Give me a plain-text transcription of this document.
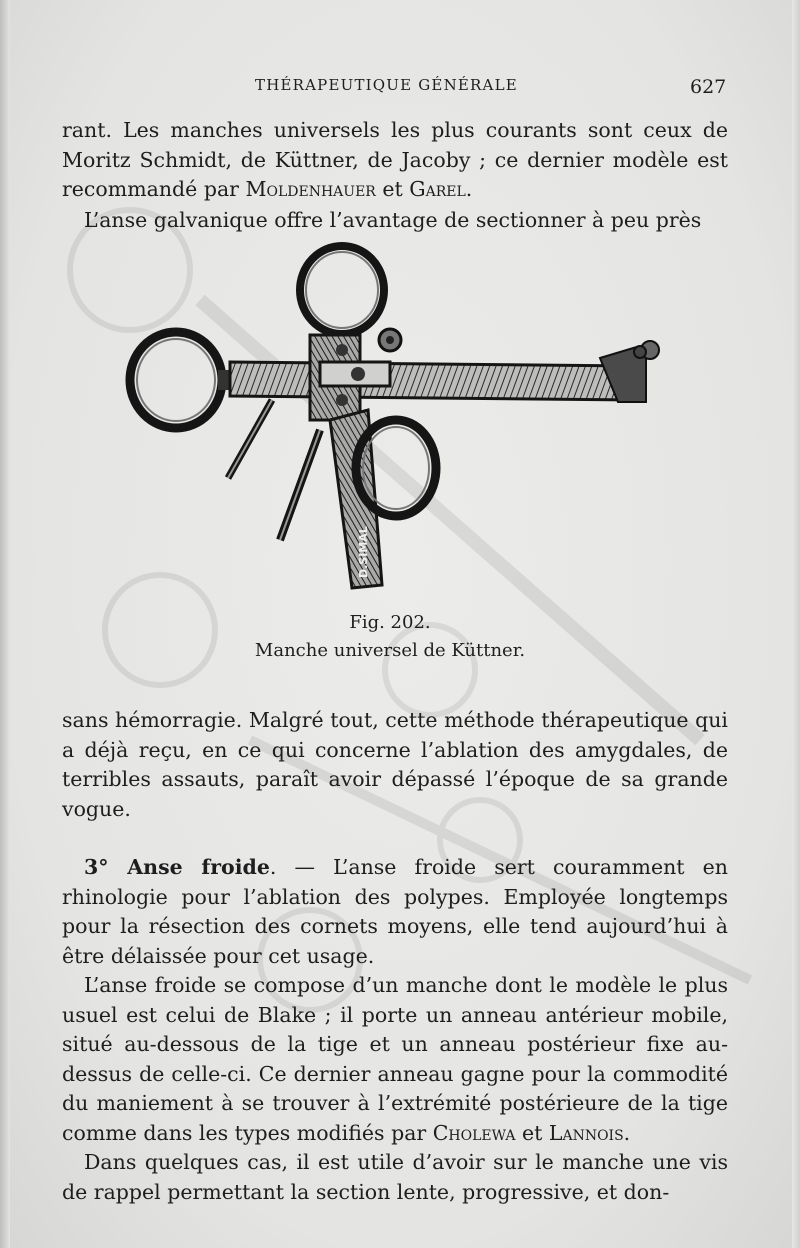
THÉRAPEUTIQUE GÉNÉRALE	627

rant. Les manches universels les plus courants sont ceux de Moritz Schmidt, de Küttner, de Jacoby ; ce dernier modèle est recommandé par Moldenhauer et Garel.

L’anse galvanique offre l’avantage de sectionner à peu près

D.SIMAL
Fig. 202.
Manche universel de Küttner.

sans hémorragie. Malgré tout, cette méthode thérapeutique qui a déjà reçu, en ce qui concerne l’ablation des amygdales, de terribles assauts, paraît avoir dépassé l’époque de sa grande vogue.

3° Anse froide. — L’anse froide sert couramment en rhinologie pour l’ablation des polypes. Employée longtemps pour la résection des cornets moyens, elle tend aujourd’hui à être délaissée pour cet usage.

L’anse froide se compose d’un manche dont le modèle le plus usuel est celui de Blake ; il porte un anneau antérieur mobile, situé au-dessous de la tige et un anneau postérieur fixe au-dessus de celle-ci. Ce dernier anneau gagne pour la commodité du maniement à se trouver à l’extrémité postérieure de la tige comme dans les types modifiés par Cholewa et Lannois.

Dans quelques cas, il est utile d’avoir sur le manche une vis de rappel permettant la section lente, progressive, et don-
